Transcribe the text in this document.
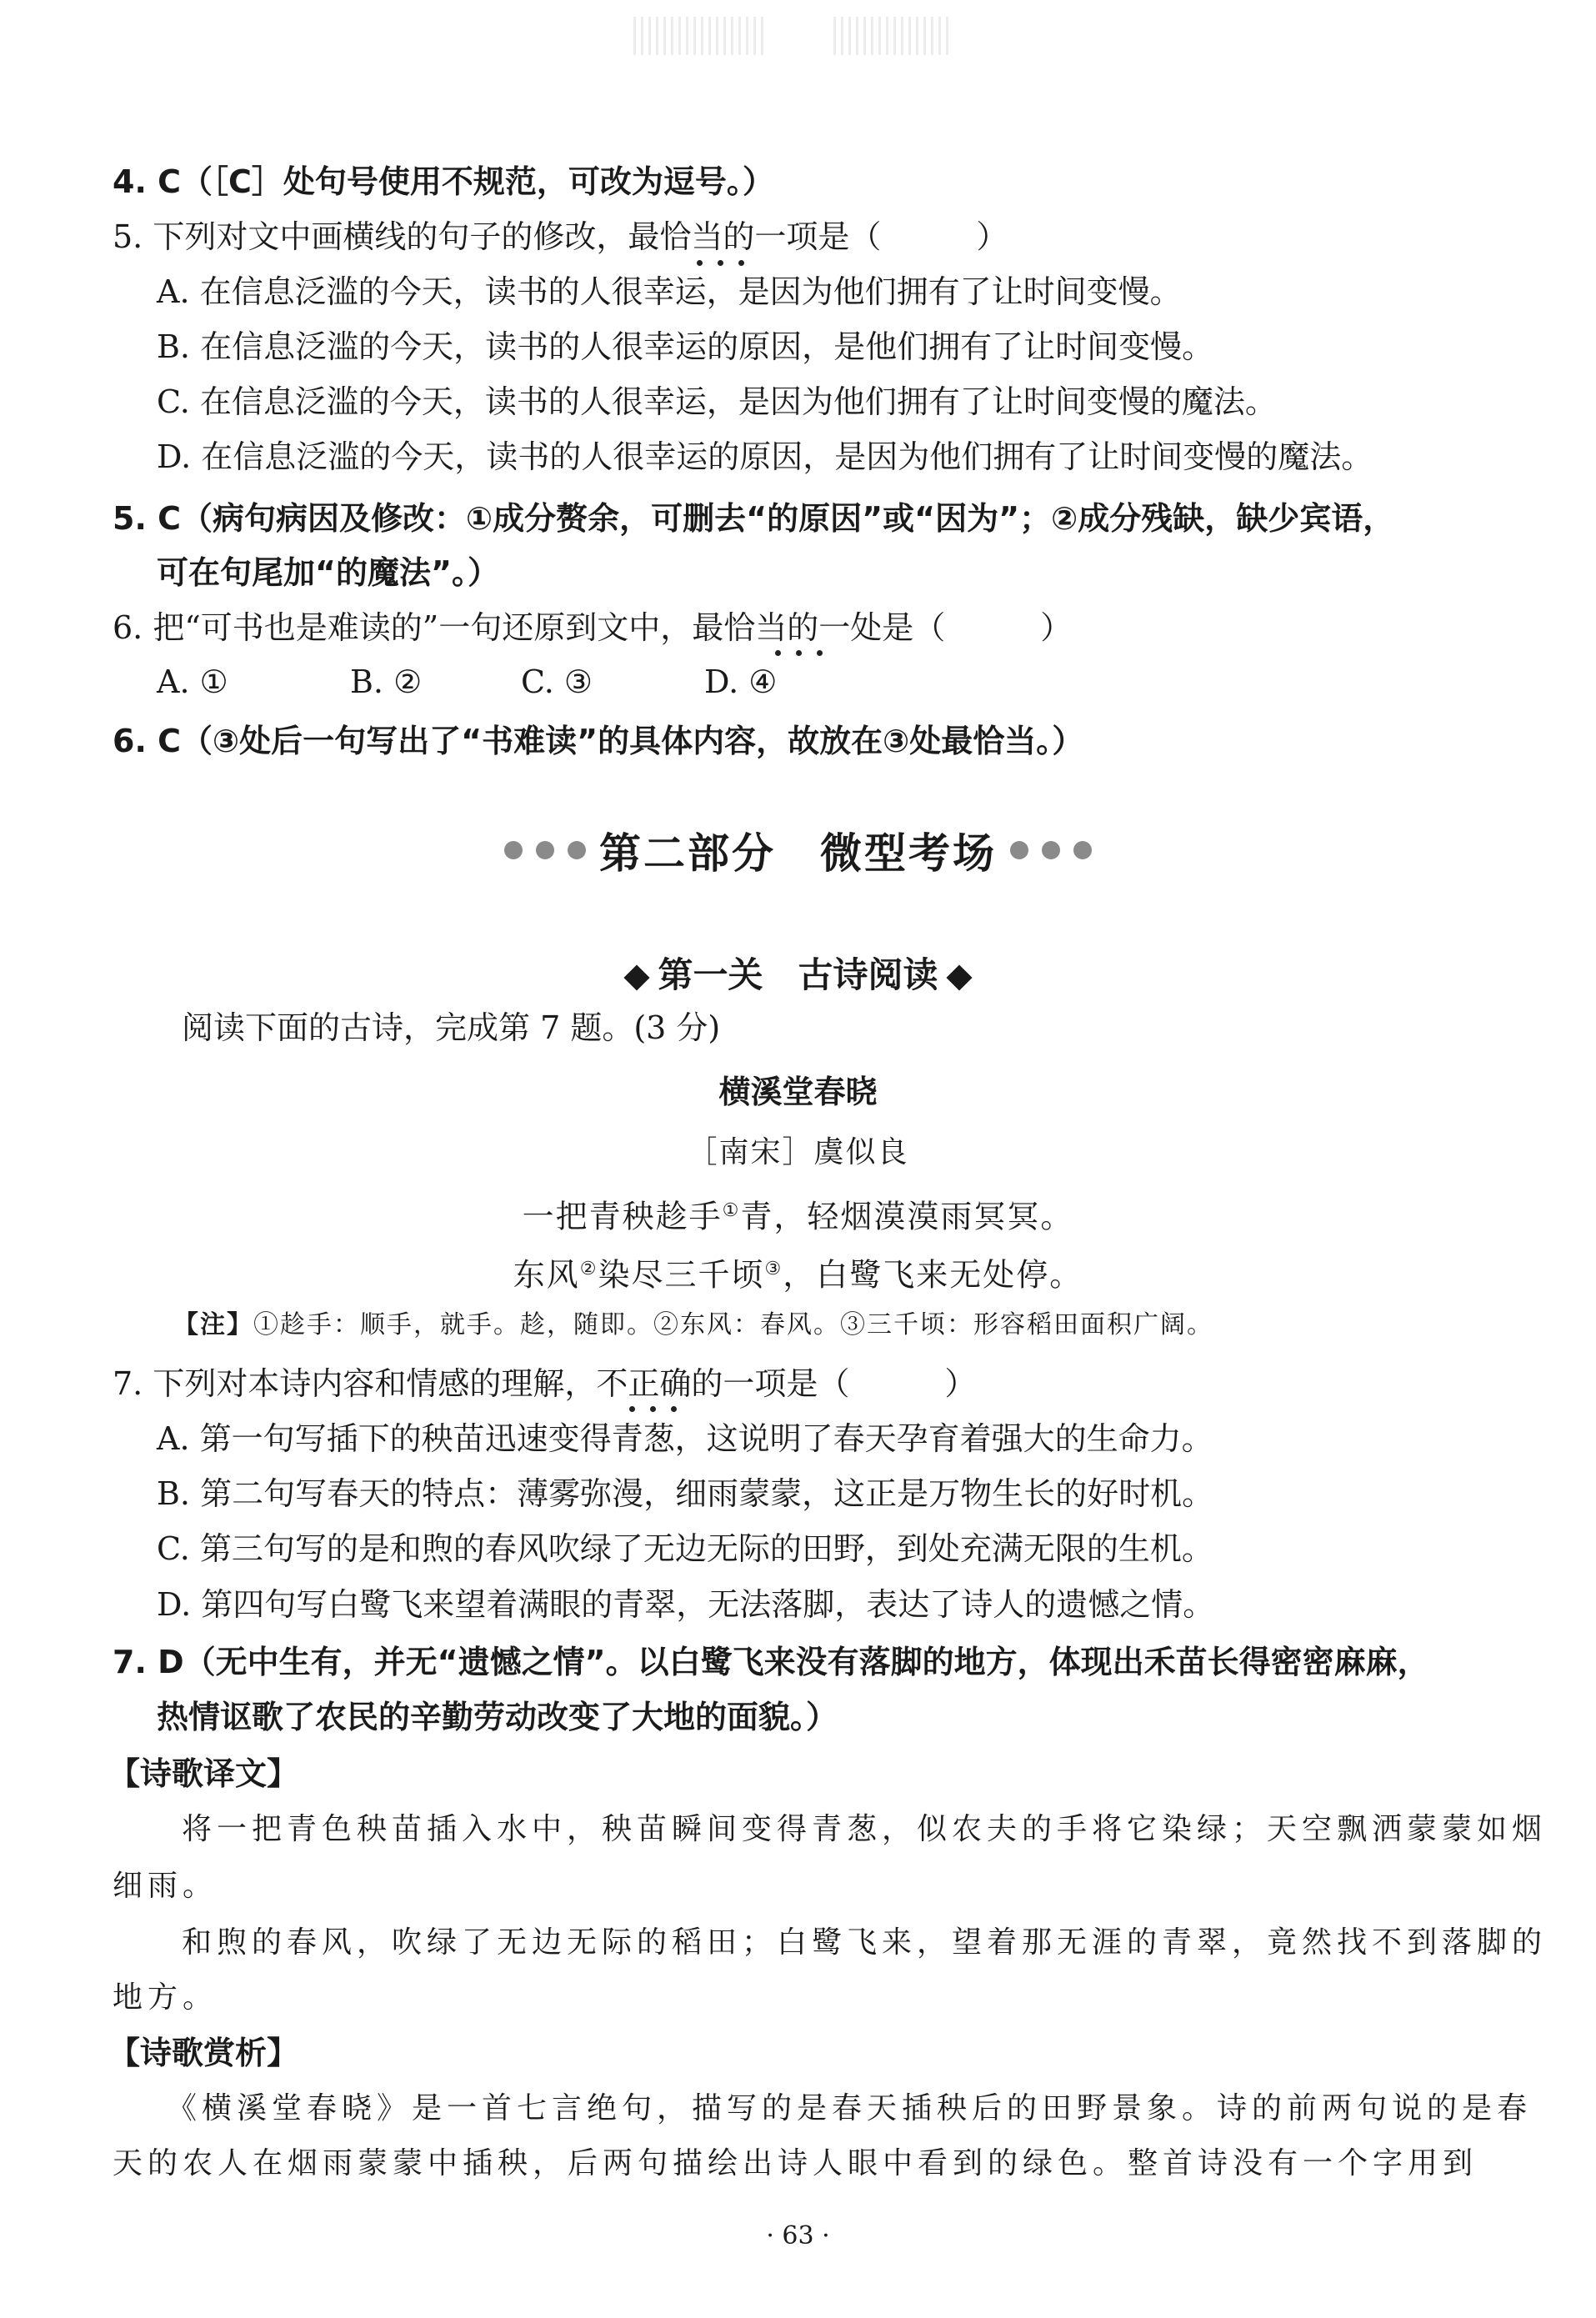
4. C（［C］处句号使用不规范，可改为逗号。）
5. 下列对文中画横线的句子的修改，最恰当的一项是（　　　）
A. 在信息泛滥的今天，读书的人很幸运，是因为他们拥有了让时间变慢。
B. 在信息泛滥的今天，读书的人很幸运的原因，是他们拥有了让时间变慢。
C. 在信息泛滥的今天，读书的人很幸运，是因为他们拥有了让时间变慢的魔法。
D. 在信息泛滥的今天，读书的人很幸运的原因，是因为他们拥有了让时间变慢的魔法。
5. C（病句病因及修改：①成分赘余，可删去“的原因”或“因为”；②成分残缺，缺少宾语，
可在句尾加“的魔法”。）
6. 把“可书也是难读的”一句还原到文中，最恰当的一处是（　　　）
A. ①	B. ②	C. ③	D. ④
6. C（③处后一句写出了“书难读”的具体内容，故放在③处最恰当。）
第二部分　微型考场
第一关　古诗阅读
阅读下面的古诗，完成第 7 题。(3 分)
横溪堂春晓
［南宋］虞似良
一把青秧趁手①青，轻烟漠漠雨冥冥。
东风②染尽三千顷③，白鹭飞来无处停。
【注】①趁手：顺手，就手。趁，随即。②东风：春风。③三千顷：形容稻田面积广阔。
7. 下列对本诗内容和情感的理解，不正确的一项是（　　　）
A. 第一句写插下的秧苗迅速变得青葱，这说明了春天孕育着强大的生命力。
B. 第二句写春天的特点：薄雾弥漫，细雨蒙蒙，这正是万物生长的好时机。
C. 第三句写的是和煦的春风吹绿了无边无际的田野，到处充满无限的生机。
D. 第四句写白鹭飞来望着满眼的青翠，无法落脚，表达了诗人的遗憾之情。
7. D（无中生有，并无“遗憾之情”。以白鹭飞来没有落脚的地方，体现出禾苗长得密密麻麻，
热情讴歌了农民的辛勤劳动改变了大地的面貌。）
【诗歌译文】
将一把青色秧苗插入水中，秧苗瞬间变得青葱，似农夫的手将它染绿；天空飘洒蒙蒙如烟
细雨。
和煦的春风，吹绿了无边无际的稻田；白鹭飞来，望着那无涯的青翠，竟然找不到落脚的
地方。
【诗歌赏析】
《横溪堂春晓》是一首七言绝句，描写的是春天插秧后的田野景象。诗的前两句说的是春
天的农人在烟雨蒙蒙中插秧，后两句描绘出诗人眼中看到的绿色。整首诗没有一个字用到
· 63 ·
